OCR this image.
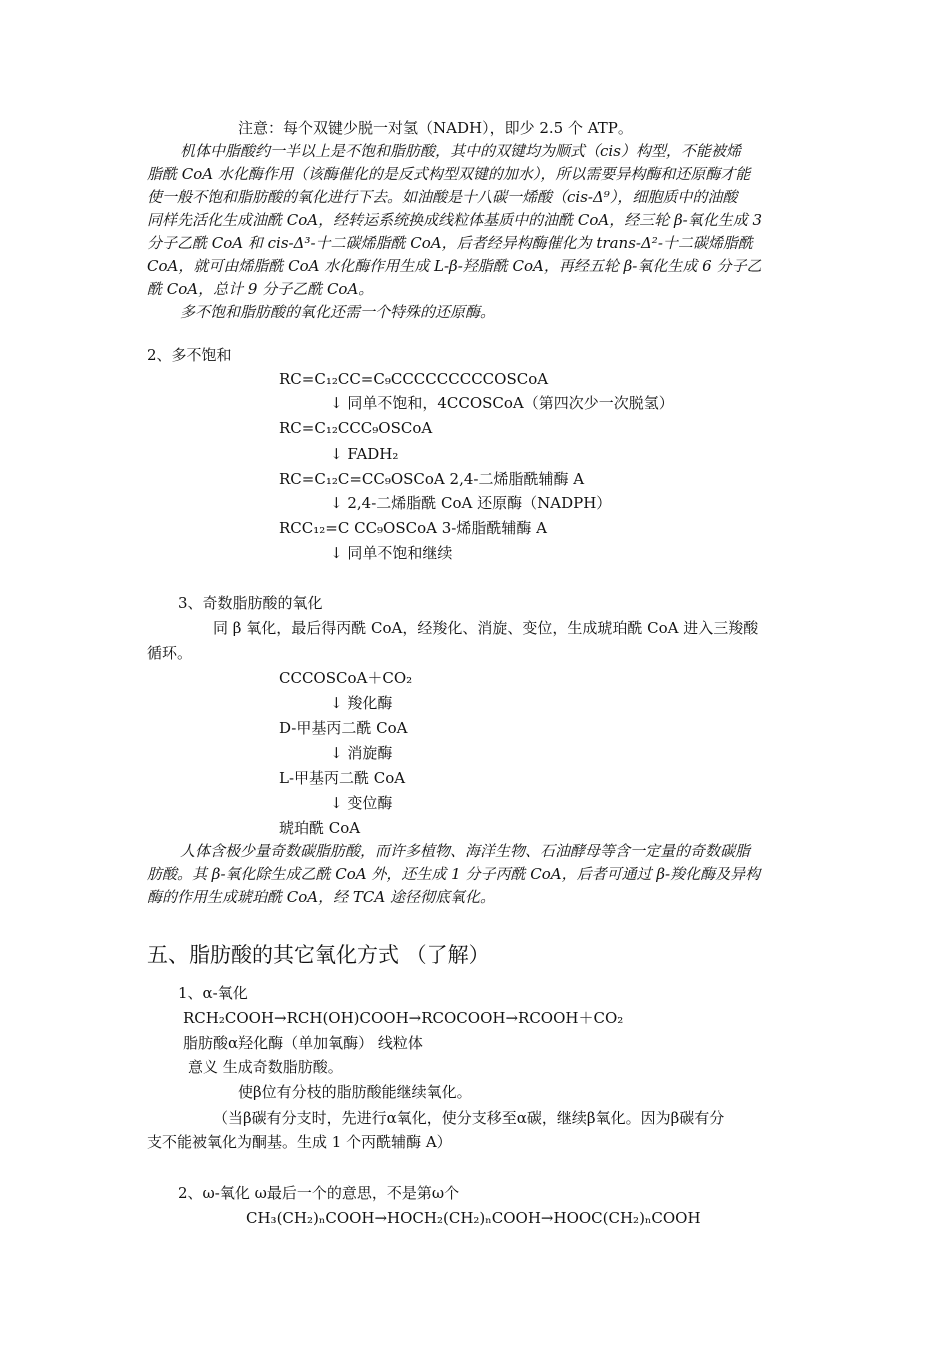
注意：每个双键少脱一对氢（NADH），即少 2.5 个 ATP。
机体中脂酸约一半以上是不饱和脂肪酸，其中的双键均为顺式（cis）构型，不能被烯
脂酰 CoA 水化酶作用（该酶催化的是反式构型双键的加水），所以需要异构酶和还原酶才能
使一般不饱和脂肪酸的氧化进行下去。如油酸是十八碳一烯酸（cis-Δ⁹），细胞质中的油酸
同样先活化生成油酰 CoA，经转运系统换成线粒体基质中的油酰 CoA，经三轮 β-氧化生成 3
分子乙酰 CoA 和 cis-Δ³-十二碳烯脂酰 CoA，后者经异构酶催化为 trans-Δ²-十二碳烯脂酰
CoA，就可由烯脂酰 CoA 水化酶作用生成 L-β-羟脂酰 CoA，再经五轮 β-氧化生成 6 分子乙
酰 CoA，总计 9 分子乙酰 CoA。
多不饱和脂肪酸的氧化还需一个特殊的还原酶。
2、多不饱和
RC=C₁₂CC=C₉CCCCCCCCCOSCoA
↓ 同单不饱和，4CCOSCoA（第四次少一次脱氢）
RC=C₁₂CCC₉OSCoA
↓ FADH₂
RC=C₁₂C=CC₉OSCoA 2,4-二烯脂酰辅酶 A
↓ 2,4-二烯脂酰 CoA 还原酶（NADPH）
RCC₁₂=C CC₉OSCoA 3-烯脂酰辅酶 A
↓ 同单不饱和继续
3、奇数脂肪酸的氧化
同 β 氧化，最后得丙酰 CoA，经羧化、消旋、变位，生成琥珀酰 CoA 进入三羧酸
循环。
CCCOSCoA＋CO₂
↓ 羧化酶
D-甲基丙二酰 CoA
↓ 消旋酶
L-甲基丙二酰 CoA
↓ 变位酶
琥珀酰 CoA
人体含极少量奇数碳脂肪酸，而许多植物、海洋生物、石油酵母等含一定量的奇数碳脂
肪酸。其 β-氧化除生成乙酰 CoA 外，还生成 1 分子丙酰 CoA，后者可通过 β-羧化酶及异构
酶的作用生成琥珀酰 CoA，经 TCA 途径彻底氧化。
五、脂肪酸的其它氧化方式 （了解）
1、α-氧化
RCH₂COOH→RCH(OH)COOH→RCOCOOH→RCOOH＋CO₂
脂肪酸α羟化酶（单加氧酶） 线粒体
意义 生成奇数脂肪酸。
使β位有分枝的脂肪酸能继续氧化。
（当β碳有分支时，先进行α氧化，使分支移至α碳，继续β氧化。因为β碳有分
支不能被氧化为酮基。生成 1 个丙酰辅酶 A）
2、ω-氧化 ω最后一个的意思，不是第ω个
CH₃(CH₂)ₙCOOH→HOCH₂(CH₂)ₙCOOH→HOOC(CH₂)ₙCOOH
